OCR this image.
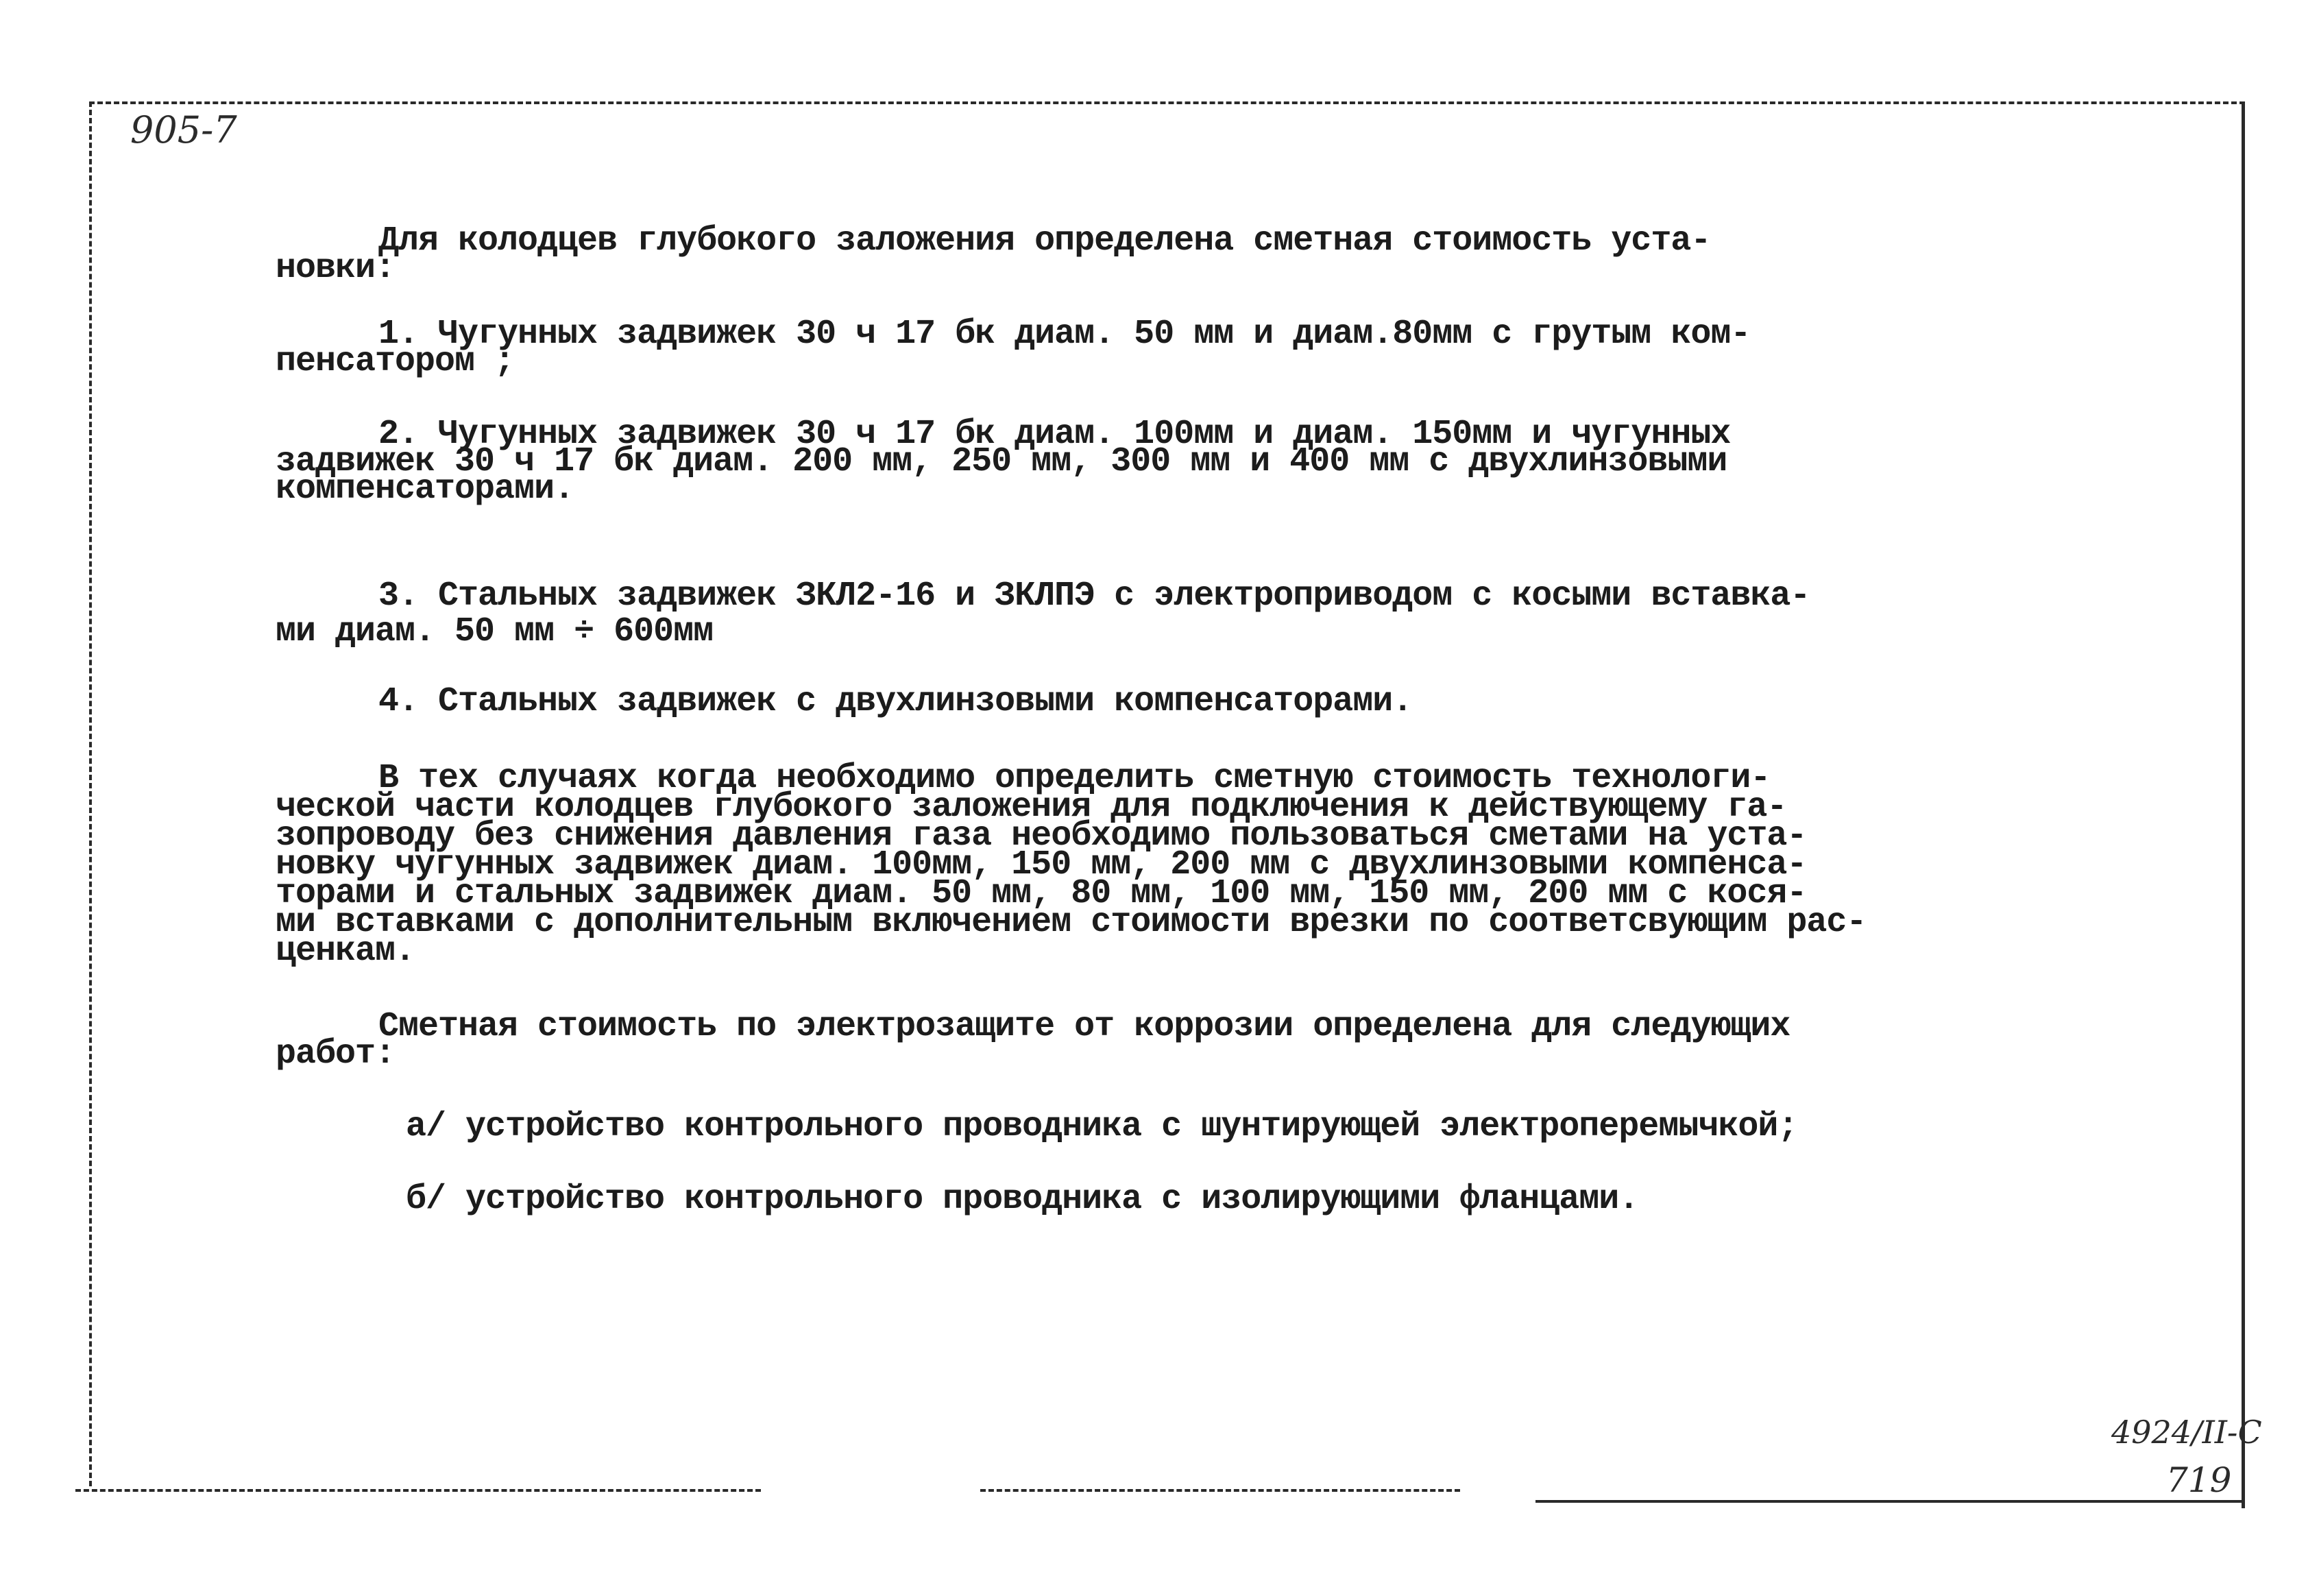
905-7
Для колодцев глубокого заложения определена сметная стоимость уста-
новки:
1. Чугунных задвижек 30 ч 17 бк диам. 50 мм и диам.80мм с грутым ком-
пенсатором ;
2. Чугунных задвижек 30 ч 17 бк диам. 100мм и диам. 150мм и чугунных
задвижек 30 ч 17 бк диам. 200 мм, 250 мм, 300 мм и 400 мм с двухлинзовыми
компенсаторами.
3. Стальных задвижек ЗКЛ2-16 и ЗКЛПЭ с электроприводом с косыми вставка-
ми диам. 50 мм ÷ 600мм
4. Стальных задвижек с двухлинзовыми компенсаторами.
В тех случаях когда необходимо определить сметную стоимость технологи-
ческой части колодцев глубокого заложения для подключения к действующему га-
зопроводу без снижения давления газа необходимо пользоваться сметами на уста-
новку чугунных задвижек диам. 100мм, 150 мм, 200 мм с двухлинзовыми компенса-
торами и стальных задвижек диам. 50 мм, 80 мм, 100 мм, 150 мм, 200 мм с кося-
ми вставками с дополнительным включением стоимости врезки по соответсвующим рас-
ценкам.
Сметная стоимость по электрозащите от коррозии определена для следующих
работ:
а/ устройство контрольного проводника с шунтирующей электроперемычкой;
б/ устройство контрольного проводника с изолирующими фланцами.
4924/II-C
719
